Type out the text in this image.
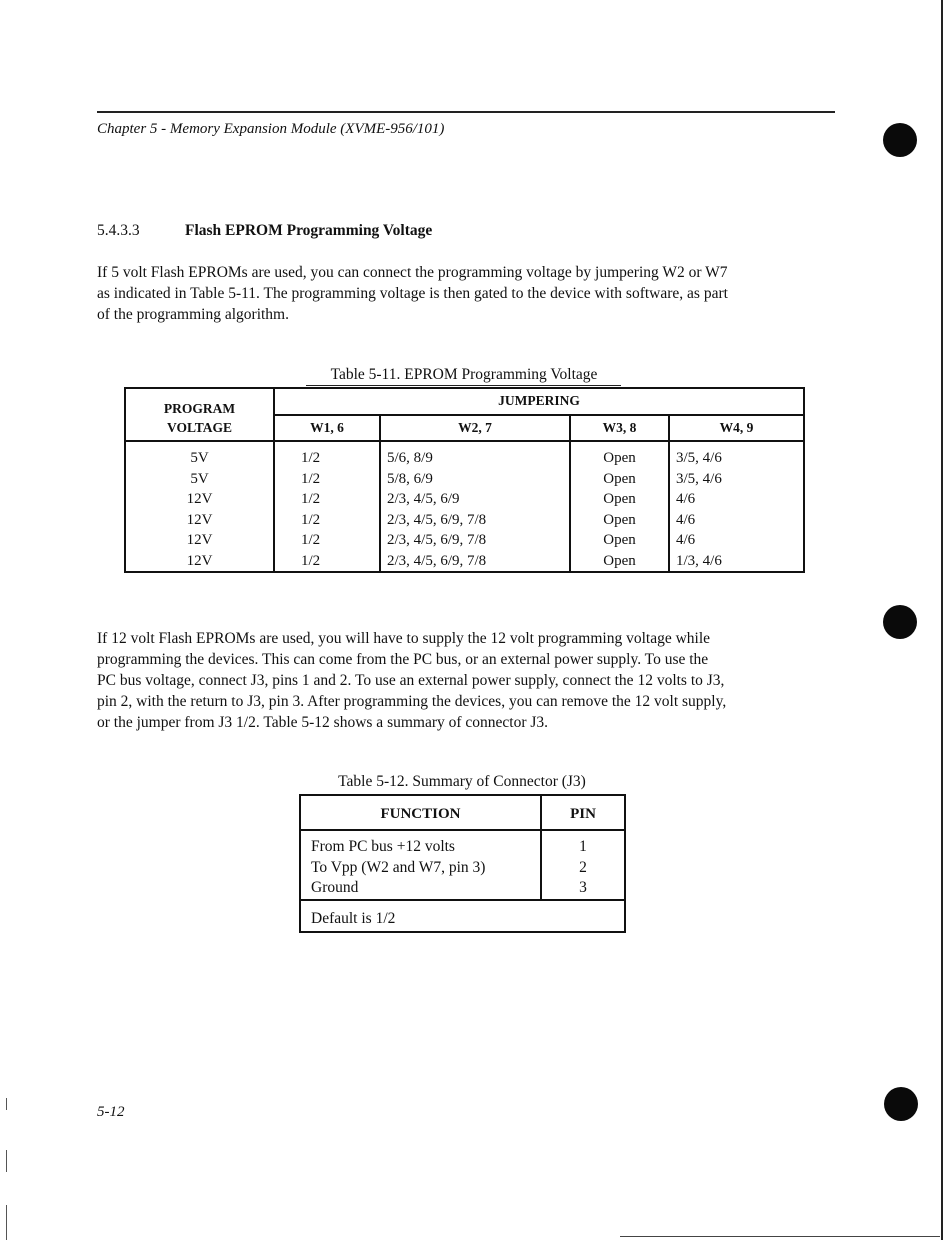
Chapter 5 - Memory Expansion Module (XVME-956/101)
5.4.3.3	Flash EPROM Programming Voltage
If 5 volt Flash EPROMs are used, you can connect the programming voltage by jumpering W2 or W7
as indicated in Table 5-11. The programming voltage is then gated to the device with software, as part
of the programming algorithm.
Table 5-11. EPROM Programming Voltage
PROGRAM
VOLTAGE	JUMPERING			
	W1, 6	W2, 7	W3, 8	W4, 9
5V	1/2	5/6, 8/9	Open	3/5, 4/6
5V	1/2	5/8, 6/9	Open	3/5, 4/6
12V	1/2	2/3, 4/5, 6/9	Open	4/6
12V	1/2	2/3, 4/5, 6/9, 7/8	Open	4/6
12V	1/2	2/3, 4/5, 6/9, 7/8	Open	4/6
12V	1/2	2/3, 4/5, 6/9, 7/8	Open	1/3, 4/6
If 12 volt Flash EPROMs are used, you will have to supply the 12 volt programming voltage while
programming the devices. This can come from the PC bus, or an external power supply. To use the
PC bus voltage, connect J3, pins 1 and 2. To use an external power supply, connect the 12 volts to J3,
pin 2, with the return to J3, pin 3. After programming the devices, you can remove the 12 volt supply,
or the jumper from J3 1/2. Table 5-12 shows a summary of connector J3.
Table 5-12. Summary of Connector (J3)
FUNCTION	PIN
From PC bus +12 volts	1
To Vpp (W2 and W7, pin 3)	2
Ground	3
Default is 1/2	
5-12
